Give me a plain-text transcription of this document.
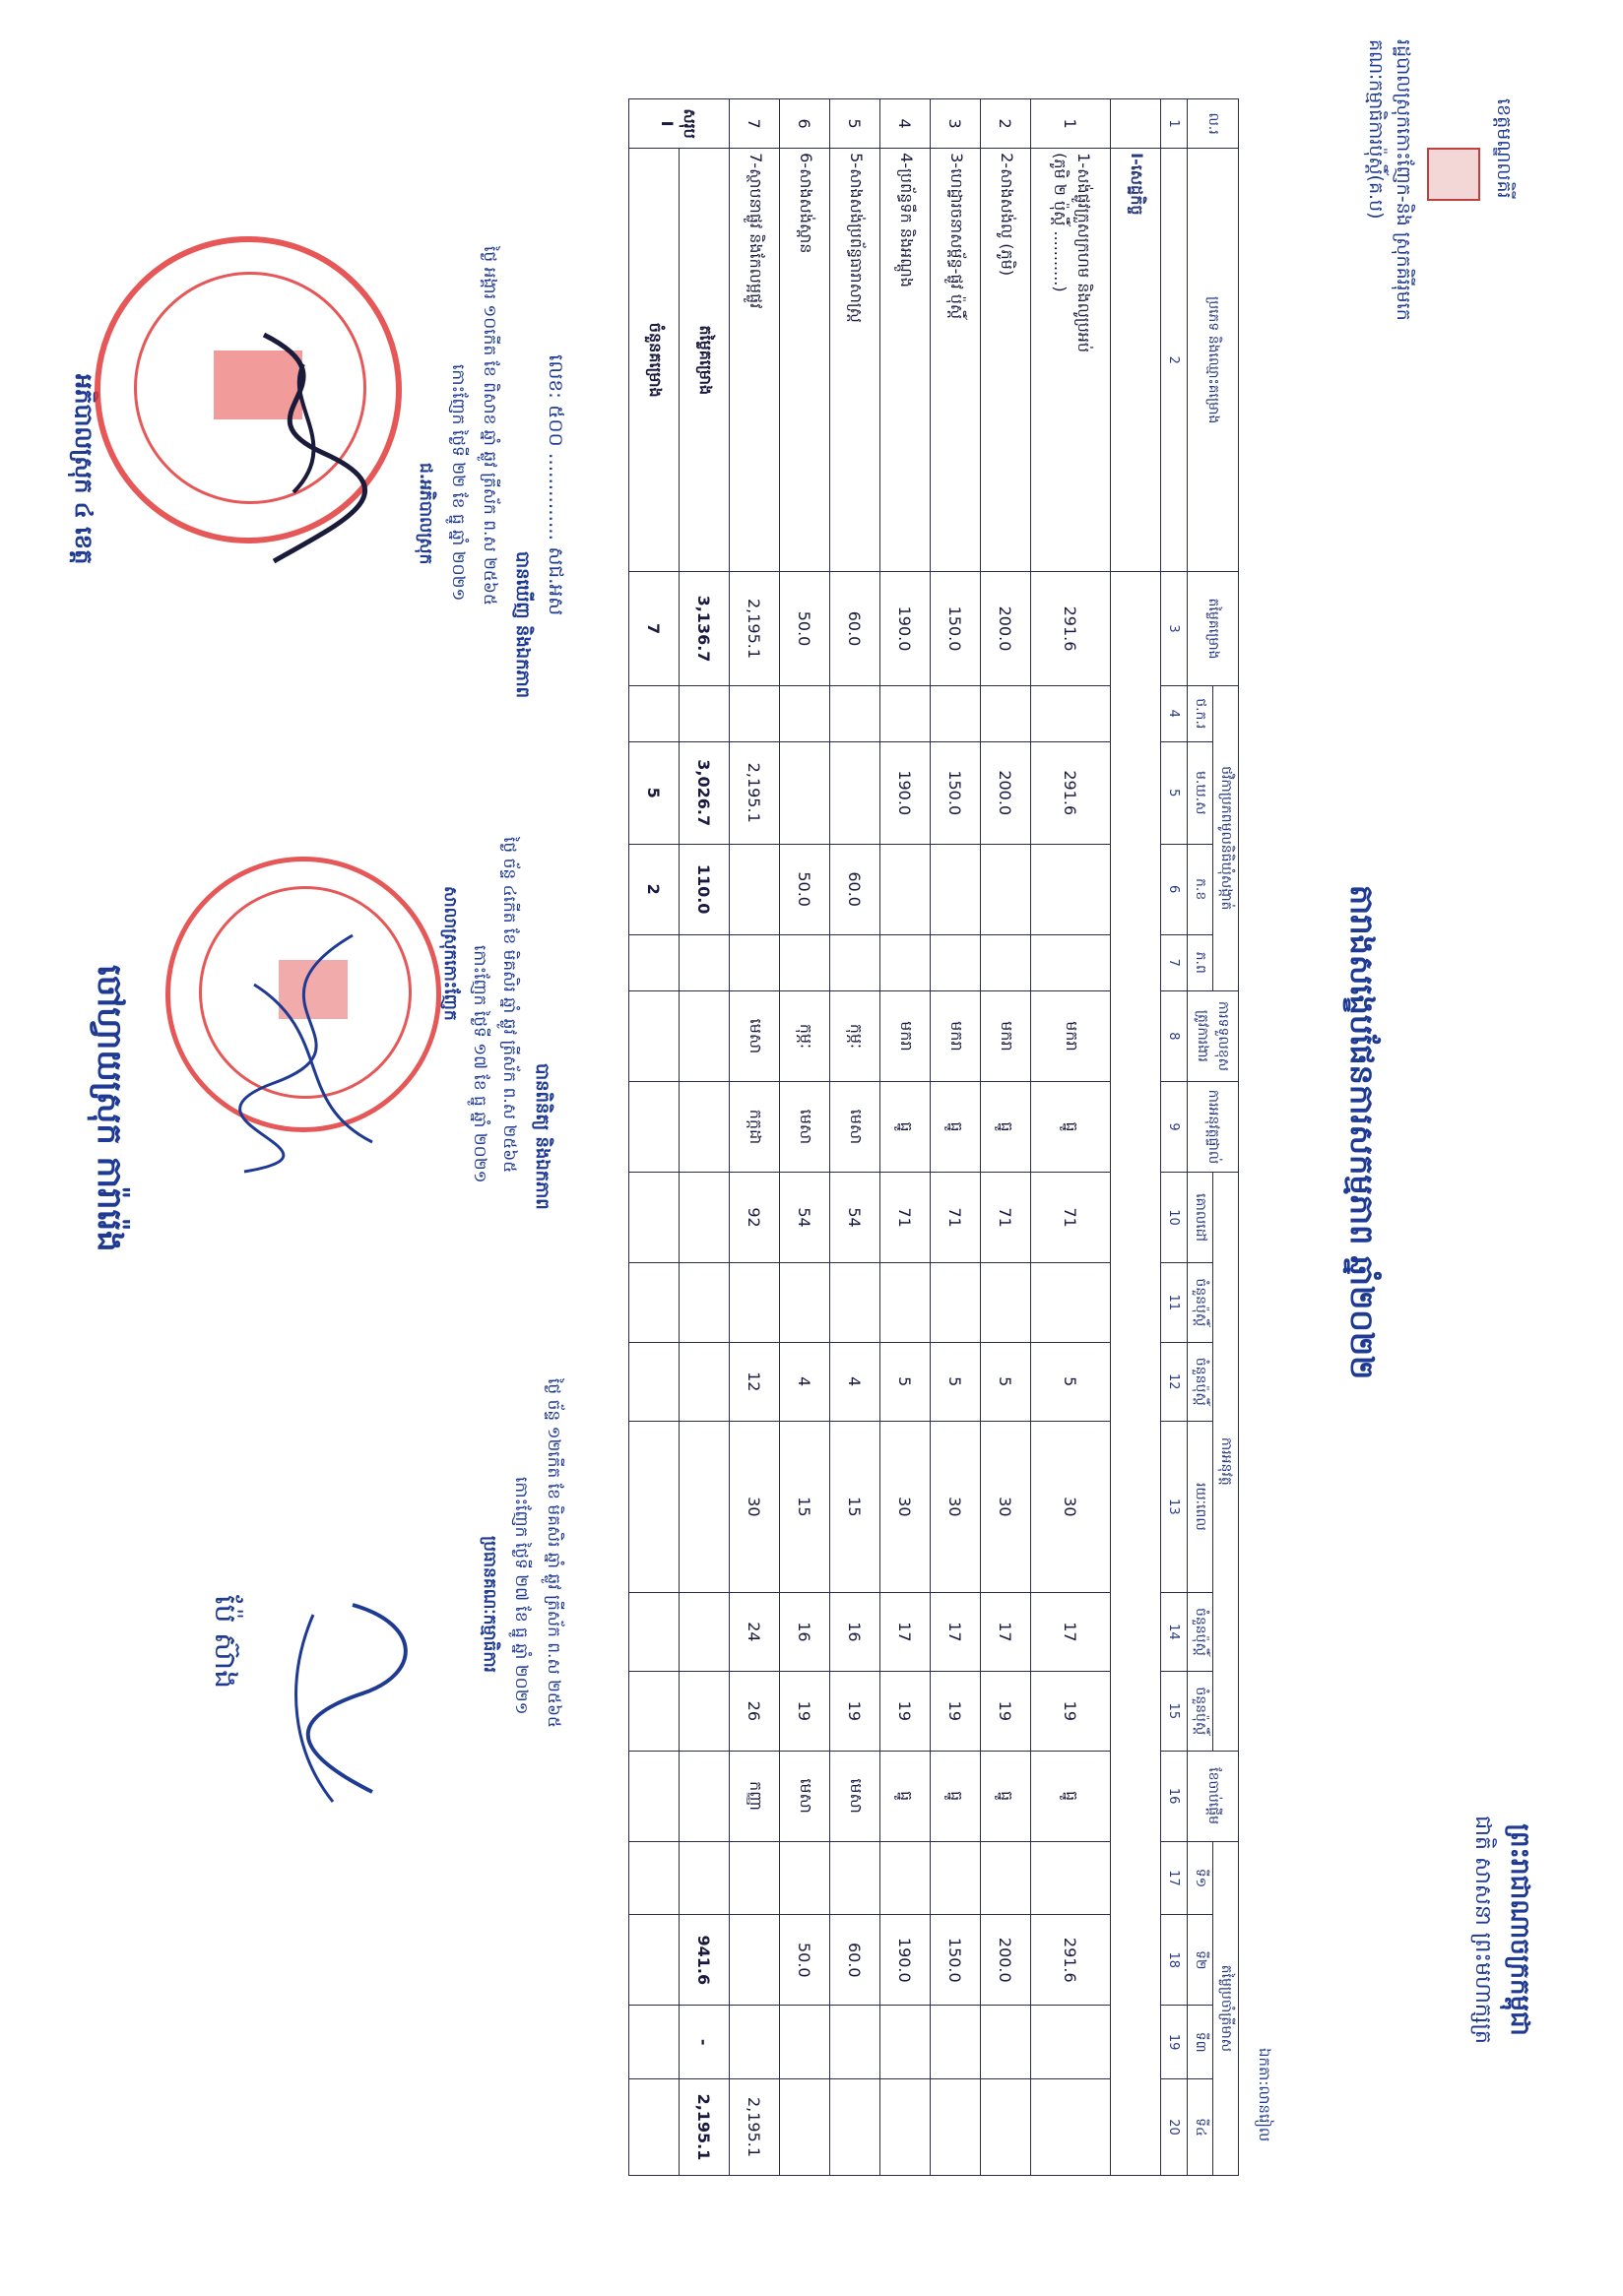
ខេត្តមណ្ឌលគិរី
រដ្ឋបាលស្រុកកោះញែក-និង ស្រុកគិរីរុមកេ
គណៈកម្មាធិការប៉ុស្តិ៍(គ.ប)
ព្រះរាជាណាចក្រកម្ពុជា
ជាតិ សាសនា ព្រះមហាក្សត្រ
តារាងសង្ខេបផែនការសកម្មភាព ឆ្នាំ២០២២
ឯកតា:លានរៀល
ល.រ	ប្រភេទ និងឈ្មោះគម្រោង	តម្លៃគម្រោង	ថវិកាប្រភពមូលនិធិឃុំសង្កាត់				ការទទួលខុសត្រូវការងារ	ការអនុវត្តផ្ទាល់	ការអនុវត្ត						ខែចាប់ផ្តើម	តម្លៃប្រចាំត្រីមាស			
			ថ.ក.រ	ម.ឃ.ស	ក.ខ	ភ.ព			គោលដៅ	ចំនួនប៉ុស្តិ៍	ចំនួនប៉ុស្តិ៍	រយៈពេល	ចំនួនប៉ុស្តិ៍	ចំនួនប៉ុស្តិ៍		ទី១	ទី២	ទី៣	ទី៤
1	2	3	4	5	6	7	8	9	10	11	12	13	14	15	16	17	18	19	20
	I-សេដ្ឋកិច្ច																		
1	1-សង់ផ្លូវក្រួសក្រហម និងលូប្រអប់
(ភូមិ ២ ប៉ុស្តិ៍ ...........)	291.6		291.6			មករា	ធ្នូ	71		5	30	17	19	ធ្នូ		291.6		
2	2-សាងសង់លូ (ភូមិ)	200.0		200.0			មករា	ធ្នូ	71		5	30	17	19	ធ្នូ		200.0		
3	3-ហេដ្ឋារចនាសម្ព័ន្ធ-ផ្លូវ ប៉ុស្តិ៍	150.0		150.0			មករា	ធ្នូ	71		5	30	17	19	ធ្នូ		150.0		
4	4-ប្រព័ន្ធទឹក និងអណ្តូង	190.0		190.0			មករា	ធ្នូ	71		5	30	17	19	ធ្នូ		190.0		
5	5-សាងសង់ប្រព័ន្ធធារាសាស្ត្រ	60.0			60.0		កុម្ភៈ	មេសា	54		4	15	16	19	មេសា		60.0		
6	6-សាងសង់ស្ពាន	50.0			50.0		កុម្ភៈ	មេសា	54		4	15	16	19	មេសា		50.0		
7	7-ស្ថាបនាផ្លូវ និងកែលម្អផ្លូវ	2,195.1		2,195.1			មេសា	កក្កដា	92		12	30	24	26	កញ្ញា				2,195.1
សរុប I	តម្លៃគម្រោង	3,136.7		3,026.7	110.0												941.6	-	2,195.1
	ចំនួនគម្រោង	7		5	2														
លេខ: ៥០០ .............. សជ.អស
បានឃើញ និងឯកភាព
ថ្ងៃ អង្គារ ១០កើត ខែ ពិសាខ ឆ្នាំ ឆ្លូវ ត្រីស័ក ព.ស ២៥៦៥
កោះញែក ថ្ងៃទី ២២ ខែ ធ្នូ ឆ្នាំ ២០២១
ជ.អភិបាលស្រុក
អភិបាលស្រុក ៤ ខេត្ត
បានពិនិត្យ និងឯកភាព
ថ្ងៃ ច័ន្ទ ៤កើត ខែ មិគសិរ ឆ្នាំ ឆ្លូវ ត្រីស័ក ព.ស ២៥៦៥
កោះញែក ថ្ងៃទី ១៧ ខែ ធ្នូ ឆ្នាំ ២០២១
សាលាស្រុកកោះញែក
ចៅហ្វាយស្រុក ការ៉ារ៉េង
ថ្ងៃ ច័ន្ទ ១២កើត ខែ មិគសិរ ឆ្នាំ ឆ្លូវ ត្រីស័ក ព.ស ២៥៦៥
កោះញែក ថ្ងៃទី ២៧ ខែ ធ្នូ ឆ្នាំ ២០២១
ប្រធានគណៈកម្មាធិការ
ប៉ែ ស៊ាង
